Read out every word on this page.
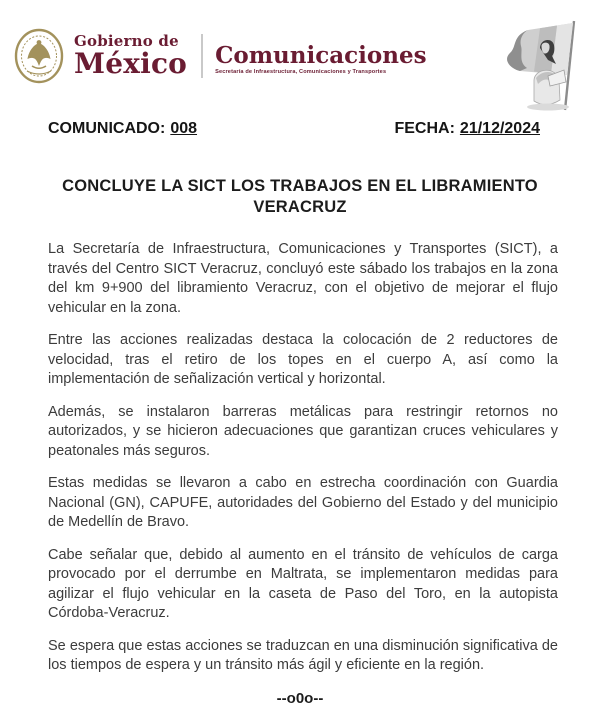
Gobierno de
México Comunicaciones
Secretaría de Infraestructura, Comunicaciones y Transportes
COMUNICADO: 008	FECHA: 21/12/2024
CONCLUYE LA SICT LOS TRABAJOS EN EL LIBRAMIENTO VERACRUZ

La Secretaría de Infraestructura, Comunicaciones y Transportes (SICT), a través del Centro SICT Veracruz, concluyó este sábado los trabajos en la zona del km 9+900 del libramiento Veracruz, con el objetivo de mejorar el flujo vehicular en la zona.

Entre las acciones realizadas destaca la colocación de 2 reductores de velocidad, tras el retiro de los topes en el cuerpo A, así como la implementación de señalización vertical y horizontal.

Además, se instalaron barreras metálicas para restringir retornos no autorizados, y se hicieron adecuaciones que garantizan cruces vehiculares y peatonales más seguros.

Estas medidas se llevaron a cabo en estrecha coordinación con Guardia Nacional (GN), CAPUFE, autoridades del Gobierno del Estado y del municipio de Medellín de Bravo.

Cabe señalar que, debido al aumento en el tránsito de vehículos de carga provocado por el derrumbe en Maltrata, se implementaron medidas para agilizar el flujo vehicular en la caseta de Paso del Toro, en la autopista Córdoba-Veracruz.

Se espera que estas acciones se traduzcan en una disminución significativa de los tiempos de espera y un tránsito más ágil y eficiente en la región.

--o0o--
